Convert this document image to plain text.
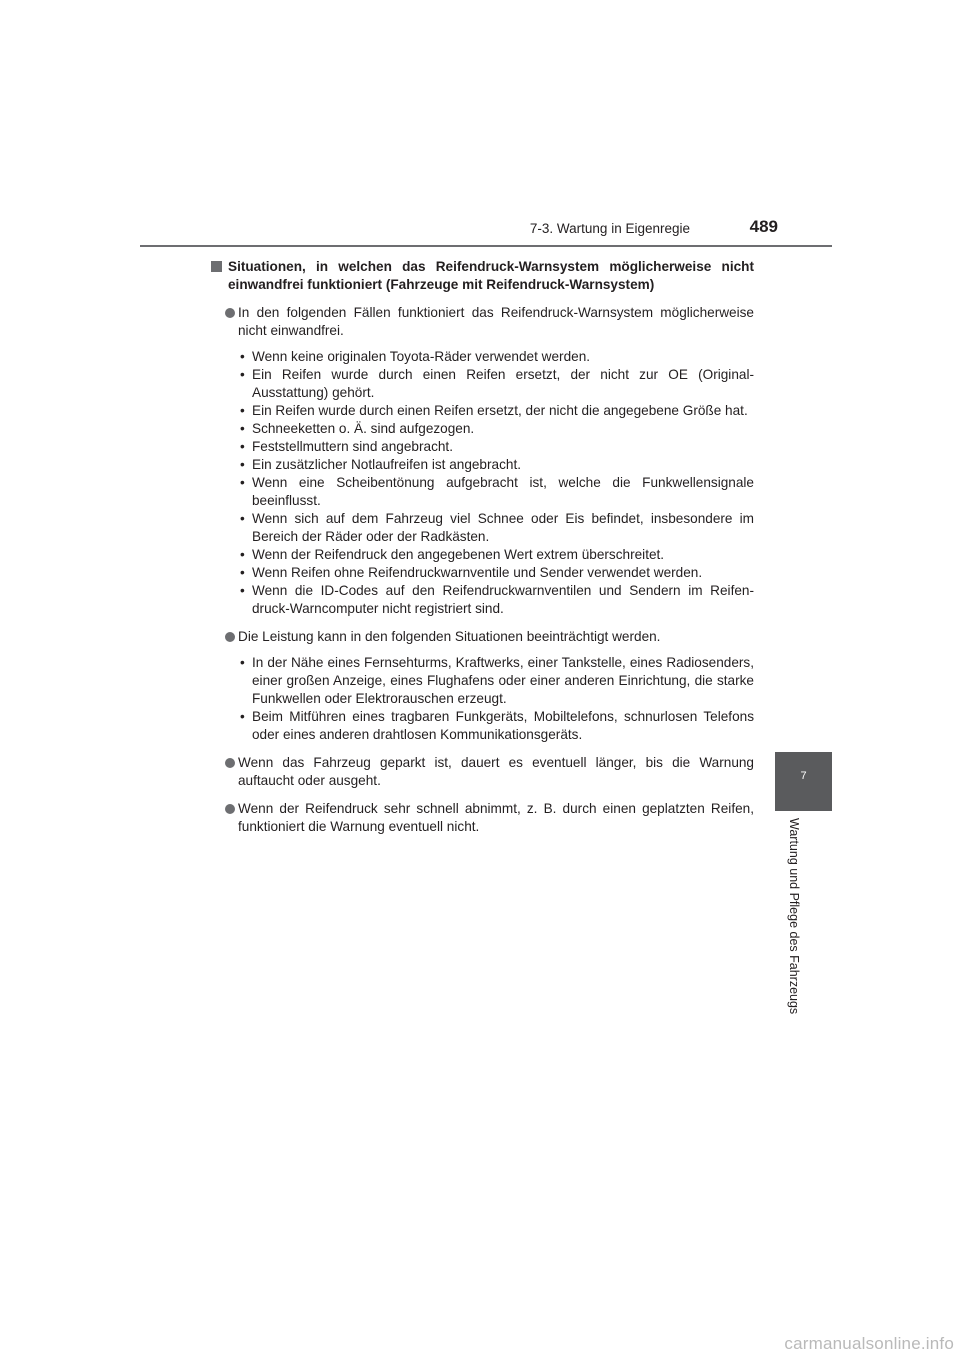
7-3. Wartung in Eigenregie	489
7
Wartung und Pflege des Fahrzeugs
Situationen, in welchen das Reifendruck-Warnsystem möglicherweise nicht einwandfrei funktioniert (Fahrzeuge mit Reifendruck-Warnsystem)
In den folgenden Fällen funktioniert das Reifendruck-Warnsystem möglicherweise nicht einwandfrei.
• Wenn keine originalen Toyota-Räder verwendet werden.
• Ein Reifen wurde durch einen Reifen ersetzt, der nicht zur OE (Original-Ausstattung) gehört.
• Ein Reifen wurde durch einen Reifen ersetzt, der nicht die angegebene Größe hat.
• Schneeketten o. Ä. sind aufgezogen.
• Feststellmuttern sind angebracht.
• Ein zusätzlicher Notlaufreifen ist angebracht.
• Wenn eine Scheibentönung aufgebracht ist, welche die Funkwellensignale beeinflusst.
• Wenn sich auf dem Fahrzeug viel Schnee oder Eis befindet, insbesondere im Bereich der Räder oder der Radkästen.
• Wenn der Reifendruck den angegebenen Wert extrem überschreitet.
• Wenn Reifen ohne Reifendruckwarnventile und Sender verwendet werden.
• Wenn die ID-Codes auf den Reifendruckwarnventilen und Sendern im Reifen-druck-Warncomputer nicht registriert sind.
Die Leistung kann in den folgenden Situationen beeinträchtigt werden.
• In der Nähe eines Fernsehturms, Kraftwerks, einer Tankstelle, eines Radiosenders, einer großen Anzeige, eines Flughafens oder einer anderen Einrichtung, die starke Funkwellen oder Elektrorauschen erzeugt.
• Beim Mitführen eines tragbaren Funkgeräts, Mobiltelefons, schnurlosen Telefons oder eines anderen drahtlosen Kommunikationsgeräts.
Wenn das Fahrzeug geparkt ist, dauert es eventuell länger, bis die Warnung auftaucht oder ausgeht.
Wenn der Reifendruck sehr schnell abnimmt, z. B. durch einen geplatzten Reifen, funktioniert die Warnung eventuell nicht.
carmanualsonline.info
